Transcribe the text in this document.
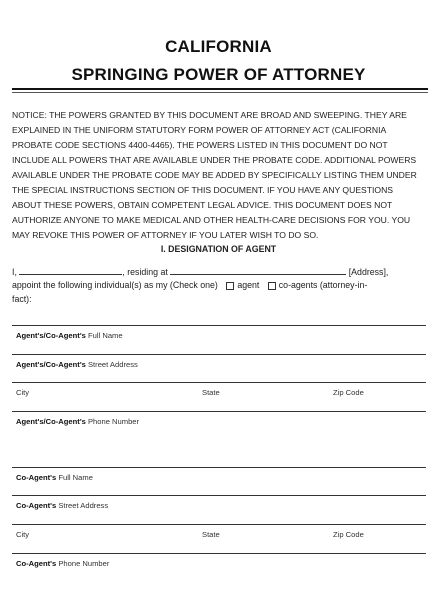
CALIFORNIA
SPRINGING POWER OF ATTORNEY
NOTICE: THE POWERS GRANTED BY THIS DOCUMENT ARE BROAD AND SWEEPING. THEY ARE EXPLAINED IN THE UNIFORM STATUTORY FORM POWER OF ATTORNEY ACT (CALIFORNIA PROBATE CODE SECTIONS 4400-4465). THE POWERS LISTED IN THIS DOCUMENT DO NOT INCLUDE ALL POWERS THAT ARE AVAILABLE UNDER THE PROBATE CODE. ADDITIONAL POWERS AVAILABLE UNDER THE PROBATE CODE MAY BE ADDED BY SPECIFICALLY LISTING THEM UNDER THE SPECIAL INSTRUCTIONS SECTION OF THIS DOCUMENT. IF YOU HAVE ANY QUESTIONS ABOUT THESE POWERS, OBTAIN COMPETENT LEGAL ADVICE. THIS DOCUMENT DOES NOT AUTHORIZE ANYONE TO MAKE MEDICAL AND OTHER HEALTH-CARE DECISIONS FOR YOU. YOU MAY REVOKE THIS POWER OF ATTORNEY IF YOU LATER WISH TO DO SO.
I. DESIGNATION OF AGENT
I,	, residing at	[Address],
appoint the following individual(s) as my (Check one) agent co-agents (attorney-in-
fact):
Agent's/Co-Agent's Full Name
Agent's/Co-Agent's Street Address
City	State	Zip Code
Agent's/Co-Agent's Phone Number
Co-Agent's Full Name
Co-Agent's Street Address
City	State	Zip Code
Co-Agent's Phone Number
